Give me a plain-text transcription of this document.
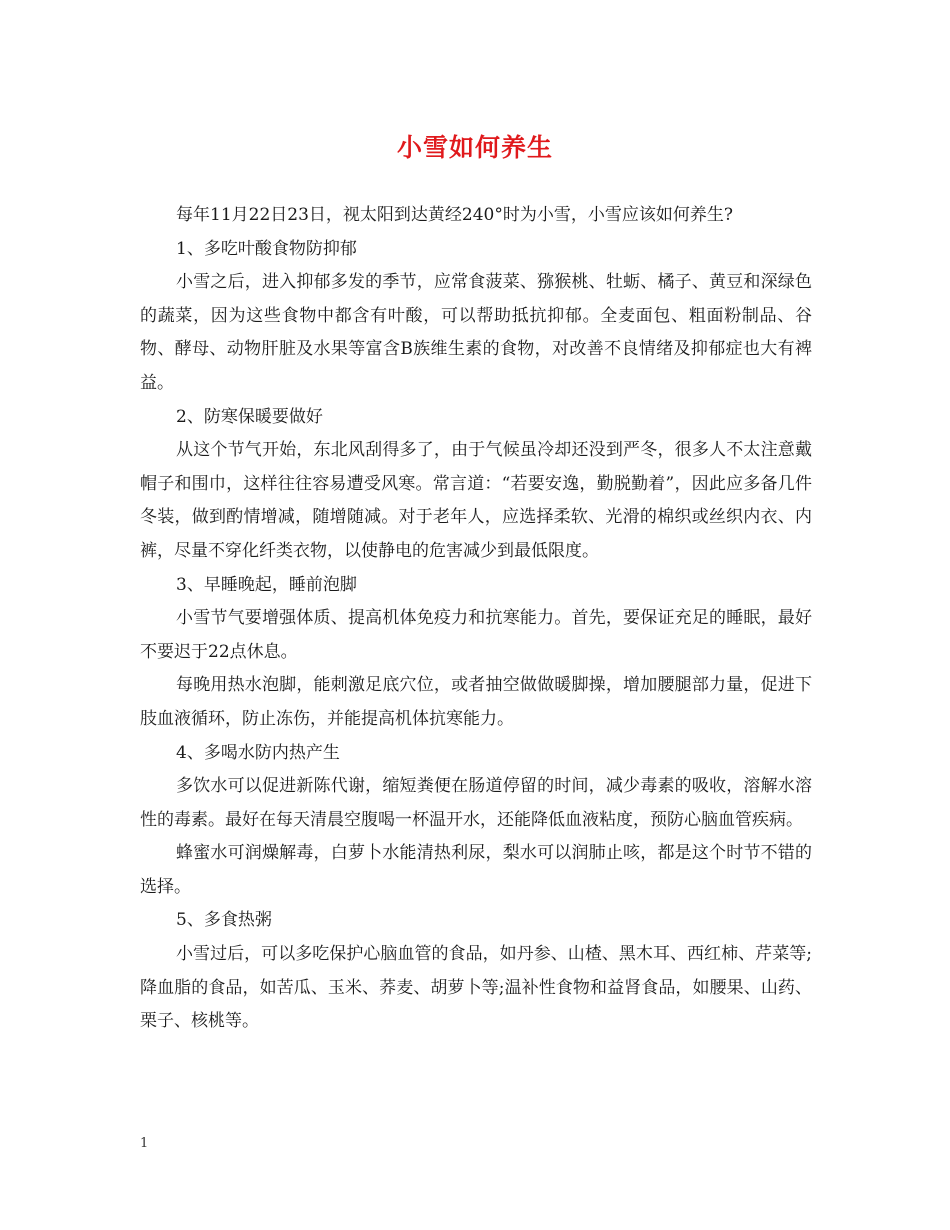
小雪如何养生

每年11月22日23日，视太阳到达黄经240°时为小雪，小雪应该如何养生?

1、多吃叶酸食物防抑郁

小雪之后，进入抑郁多发的季节，应常食菠菜、猕猴桃、牡蛎、橘子、黄豆和深绿色的蔬菜，因为这些食物中都含有叶酸，可以帮助抵抗抑郁。全麦面包、粗面粉制品、谷物、酵母、动物肝脏及水果等富含B族维生素的食物，对改善不良情绪及抑郁症也大有裨益。

2、防寒保暖要做好

从这个节气开始，东北风刮得多了，由于气候虽冷却还没到严冬，很多人不太注意戴帽子和围巾，这样往往容易遭受风寒。常言道：“若要安逸，勤脱勤着”，因此应多备几件冬装，做到酌情增减，随增随减。对于老年人，应选择柔软、光滑的棉织或丝织内衣、内裤，尽量不穿化纤类衣物，以使静电的危害减少到最低限度。

3、早睡晚起，睡前泡脚

小雪节气要增强体质、提高机体免疫力和抗寒能力。首先，要保证充足的睡眠，最好不要迟于22点休息。

每晚用热水泡脚，能刺激足底穴位，或者抽空做做暖脚操，增加腰腿部力量，促进下肢血液循环，防止冻伤，并能提高机体抗寒能力。

4、多喝水防内热产生

多饮水可以促进新陈代谢，缩短粪便在肠道停留的时间，减少毒素的吸收，溶解水溶性的毒素。最好在每天清晨空腹喝一杯温开水，还能降低血液粘度，预防心脑血管疾病。

蜂蜜水可润燥解毒，白萝卜水能清热利尿，梨水可以润肺止咳，都是这个时节不错的选择。

5、多食热粥

小雪过后，可以多吃保护心脑血管的食品，如丹参、山楂、黑木耳、西红柿、芹菜等;降血脂的食品，如苦瓜、玉米、荞麦、胡萝卜等;温补性食物和益肾食品，如腰果、山药、栗子、核桃等。

1
